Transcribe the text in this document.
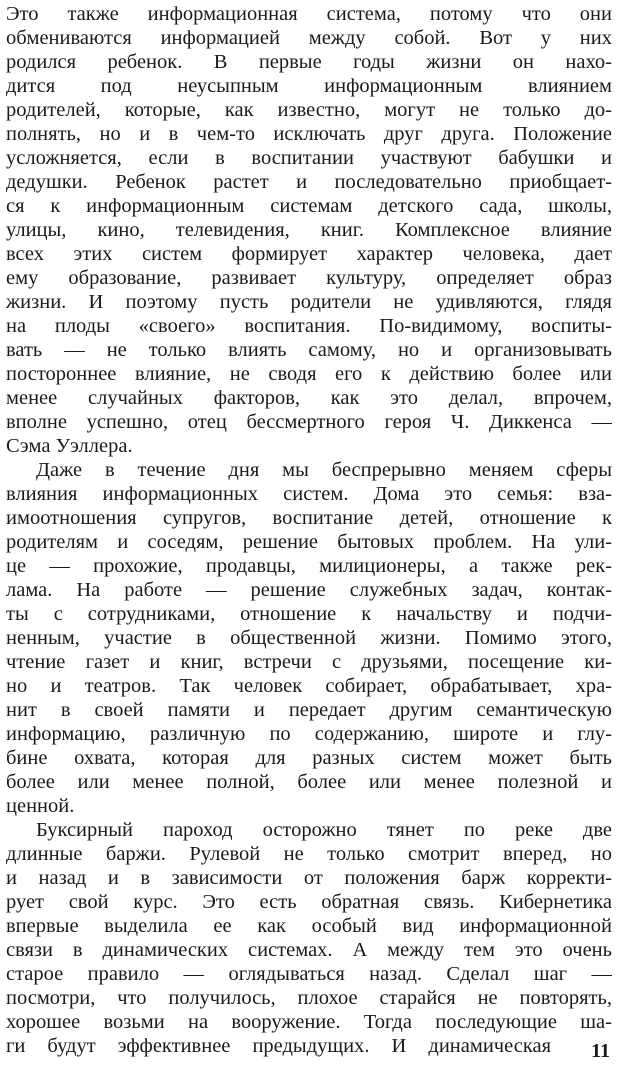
Это также информационная система, потому что они
обмениваются информацией между собой. Вот у них
родился ребенок. В первые годы жизни он нахо-
дится под неусыпным информационным влиянием
родителей, которые, как известно, могут не только до-
полнять, но и в чем-то исключать друг друга. Положение
усложняется, если в воспитании участвуют бабушки и
дедушки. Ребенок растет и последовательно приобщает-
ся к информационным системам детского сада, школы,
улицы, кино, телевидения, книг. Комплексное влияние
всех этих систем формирует характер человека, дает
ему образование, развивает культуру, определяет образ
жизни. И поэтому пусть родители не удивляются, глядя
на плоды «своего» воспитания. По-видимому, воспиты-
вать — не только влиять самому, но и организовывать
постороннее влияние, не сводя его к действию более или
менее случайных факторов, как это делал, впрочем,
вполне успешно, отец бессмертного героя Ч. Диккенса —
Сэма Уэллера.
Даже в течение дня мы беспрерывно меняем сферы
влияния информационных систем. Дома это семья: вза-
имоотношения супругов, воспитание детей, отношение к
родителям и соседям, решение бытовых проблем. На ули-
це — прохожие, продавцы, милиционеры, а также рек-
лама. На работе — решение служебных задач, контак-
ты с сотрудниками, отношение к начальству и подчи-
ненным, участие в общественной жизни. Помимо этого,
чтение газет и книг, встречи с друзьями, посещение ки-
но и театров. Так человек собирает, обрабатывает, хра-
нит в своей памяти и передает другим семантическую
информацию, различную по содержанию, широте и глу-
бине охвата, которая для разных систем может быть
более или менее полной, более или менее полезной и
ценной.
Буксирный пароход осторожно тянет по реке две
длинные баржи. Рулевой не только смотрит вперед, но
и назад и в зависимости от положения барж корректи-
рует свой курс. Это есть обратная связь. Кибернетика
впервые выделила ее как особый вид информационной
связи в динамических системах. А между тем это очень
старое правило — оглядываться назад. Сделал шаг —
посмотри, что получилось, плохое старайся не повторять,
хорошее возьми на вооружение. Тогда последующие ша-
ги будут эффективнее предыдущих. И динамическая 11
